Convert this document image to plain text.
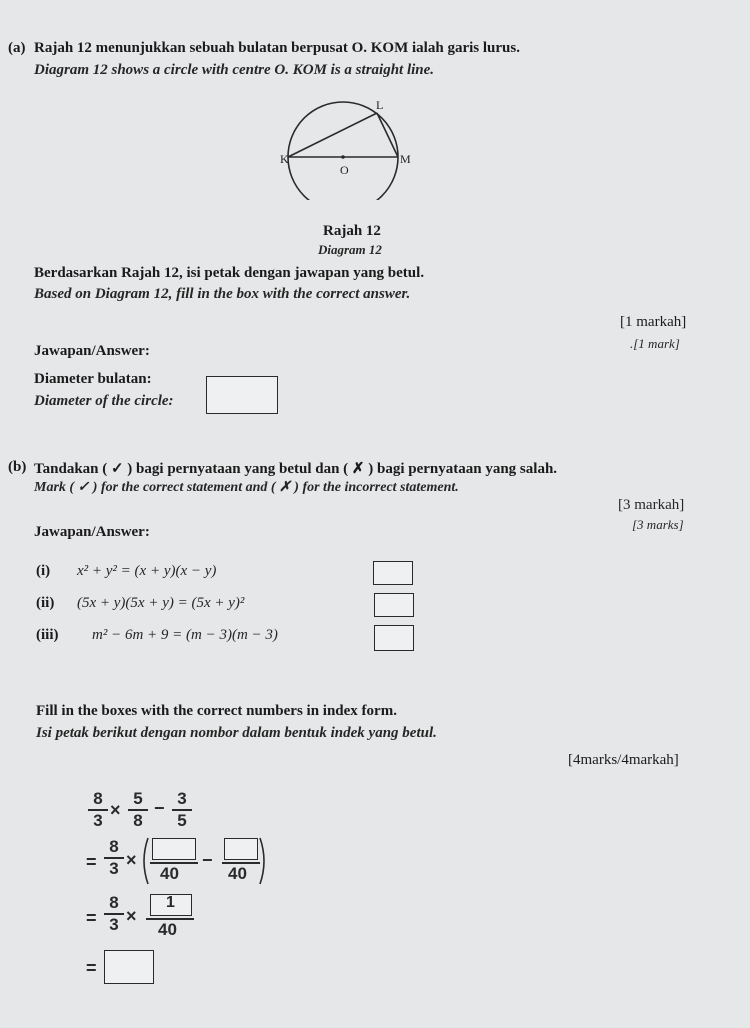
(a) Rajah 12 menunjukkan sebuah bulatan berpusat O. KOM ialah garis lurus.
Diagram 12 shows a circle with centre O. KOM is a straight line.
L
K
O
M
Rajah 12
Diagram 12
Berdasarkan Rajah 12, isi petak dengan jawapan yang betul.
Based on Diagram 12, fill in the box with the correct answer.
[1 markah]
.[1 mark]
Jawapan/Answer:
Diameter bulatan:
Diameter of the circle:
(b) Tandakan ( ✓ ) bagi pernyataan yang betul dan ( ✗ ) bagi pernyataan yang salah.
Mark ( ✓ ) for the correct statement and ( ✗ ) for the incorrect statement.
[3 markah]
[3 marks]
Jawapan/Answer:
(i) x² + y² = (x + y)(x − y)
(ii) (5x + y)(5x + y) = (5x + y)²
(iii) m² − 6m + 9 = (m − 3)(m − 3)
Fill in the boxes with the correct numbers in index form.
Isi petak berikut dengan nombor dalam bentuk indek yang betul.
[4marks/4markah]
8
3
×
5
8
− 3
5
=
8
3 ×
40
−
40
=
8
3 ×
1
40
=
